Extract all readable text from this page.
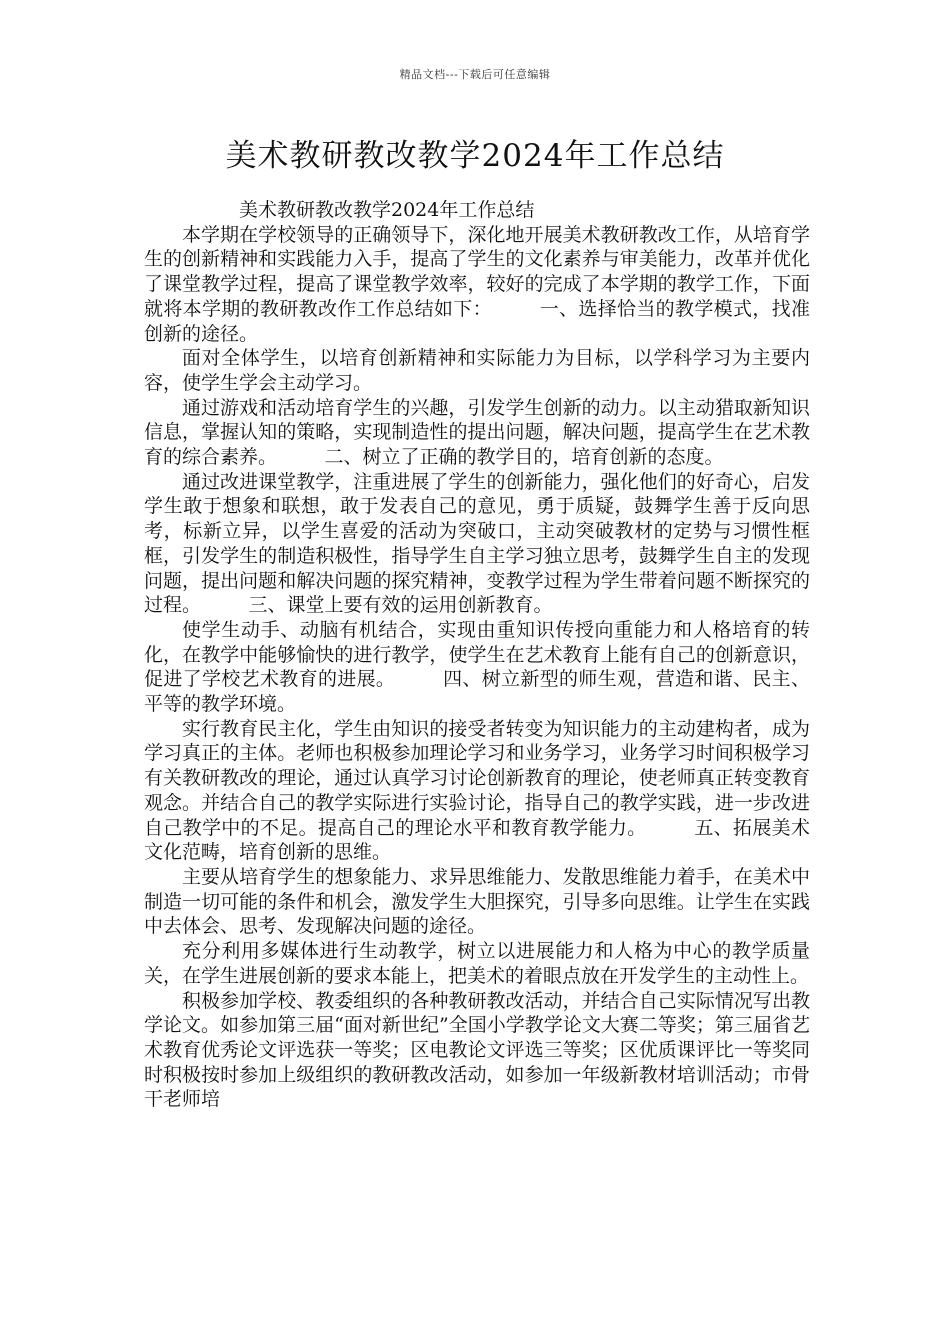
精品文档---下载后可任意编辑
美术教研教改教学2024年工作总结

美术教研教改教学2024年工作总结

本学期在学校领导的正确领导下，深化地开展美术教研教改工作，从培育学生的创新精神和实践能力入手，提高了学生的文化素养与审美能力，改革并优化了课堂教学过程，提高了课堂教学效率，较好的完成了本学期的教学工作，下面就将本学期的教研教改作工作总结如下：	一、选择恰当的教学模式，找准创新的途径。

面对全体学生，以培育创新精神和实际能力为目标，以学科学习为主要内容，使学生学会主动学习。

通过游戏和活动培育学生的兴趣，引发学生创新的动力。以主动猎取新知识信息，掌握认知的策略，实现制造性的提出问题，解决问题，提高学生在艺术教育的综合素养。	二、树立了正确的教学目的，培育创新的态度。

通过改进课堂教学，注重进展了学生的创新能力，强化他们的好奇心，启发学生敢于想象和联想，敢于发表自己的意见，勇于质疑，鼓舞学生善于反向思考，标新立异，以学生喜爱的活动为突破口，主动突破教材的定势与习惯性框框，引发学生的制造积极性，指导学生自主学习独立思考，鼓舞学生自主的发现问题，提出问题和解决问题的探究精神，变教学过程为学生带着问题不断探究的过程。	三、课堂上要有效的运用创新教育。

使学生动手、动脑有机结合，实现由重知识传授向重能力和人格培育的转化，在教学中能够愉快的进行教学，使学生在艺术教育上能有自己的创新意识，促进了学校艺术教育的进展。	四、树立新型的师生观，营造和谐、民主、平等的教学环境。

实行教育民主化，学生由知识的接受者转变为知识能力的主动建构者，成为学习真正的主体。老师也积极参加理论学习和业务学习，业务学习时间积极学习有关教研教改的理论，通过认真学习讨论创新教育的理论，使老师真正转变教育观念。并结合自己的教学实际进行实验讨论，指导自己的教学实践，进一步改进自己教学中的不足。提高自己的理论水平和教育教学能力。	五、拓展美术文化范畴，培育创新的思维。

主要从培育学生的想象能力、求异思维能力、发散思维能力着手，在美术中制造一切可能的条件和机会，激发学生大胆探究，引导多向思维。让学生在实践中去体会、思考、发现解决问题的途径。

充分利用多媒体进行生动教学，树立以进展能力和人格为中心的教学质量关，在学生进展创新的要求本能上，把美术的着眼点放在开发学生的主动性上。

积极参加学校、教委组织的各种教研教改活动，并结合自己实际情况写出教学论文。如参加第三届“面对新世纪”全国小学教学论文大赛二等奖；第三届省艺术教育优秀论文评选获一等奖；区电教论文评选三等奖；区优质课评比一等奖同时积极按时参加上级组织的教研教改活动，如参加一年级新教材培训活动；市骨干老师培
